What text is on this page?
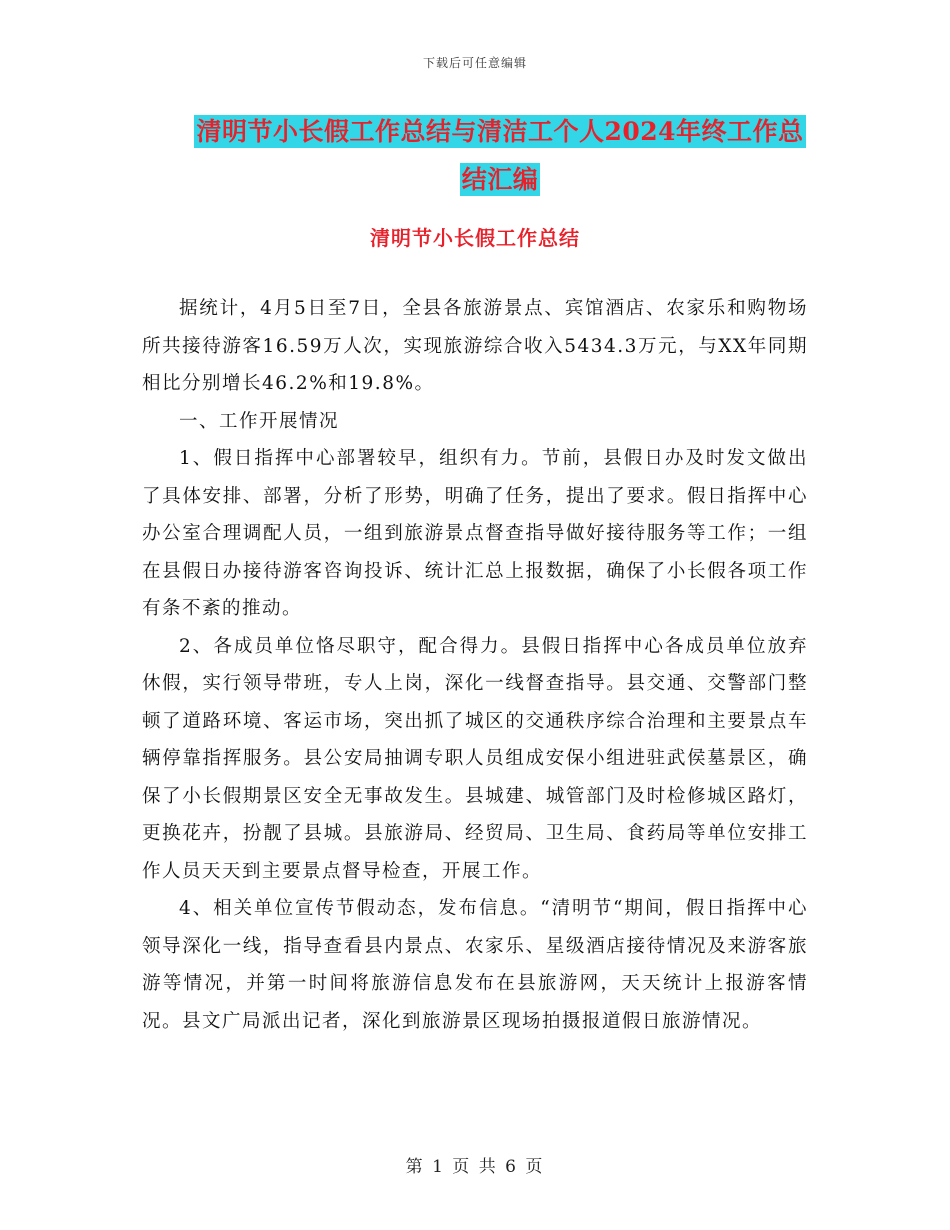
下载后可任意编辑
清明节小长假工作总结与清洁工个人2024年终工作总
结汇编
清明节小长假工作总结

据统计，4月5日至7日，全县各旅游景点、宾馆酒店、农家乐和购物场所共接待游客16.59万人次，实现旅游综合收入5434.3万元，与XX年同期相比分别增长46.2%和19.8%。

一、工作开展情况

1、假日指挥中心部署较早，组织有力。节前，县假日办及时发文做出了具体安排、部署，分析了形势，明确了任务，提出了要求。假日指挥中心办公室合理调配人员，一组到旅游景点督查指导做好接待服务等工作；一组在县假日办接待游客咨询投诉、统计汇总上报数据，确保了小长假各项工作有条不紊的推动。

2、各成员单位恪尽职守，配合得力。县假日指挥中心各成员单位放弃休假，实行领导带班，专人上岗，深化一线督查指导。县交通、交警部门整顿了道路环境、客运市场，突出抓了城区的交通秩序综合治理和主要景点车辆停靠指挥服务。县公安局抽调专职人员组成安保小组进驻武侯墓景区，确保了小长假期景区安全无事故发生。县城建、城管部门及时检修城区路灯，更换花卉，扮靓了县城。县旅游局、经贸局、卫生局、食药局等单位安排工作人员天天到主要景点督导检查，开展工作。

4、相关单位宣传节假动态，发布信息。“清明节“期间，假日指挥中心领导深化一线，指导查看县内景点、农家乐、星级酒店接待情况及来游客旅游等情况，并第一时间将旅游信息发布在县旅游网，天天统计上报游客情况。县文广局派出记者，深化到旅游景区现场拍摄报道假日旅游情况。

第 1 页 共 6 页
